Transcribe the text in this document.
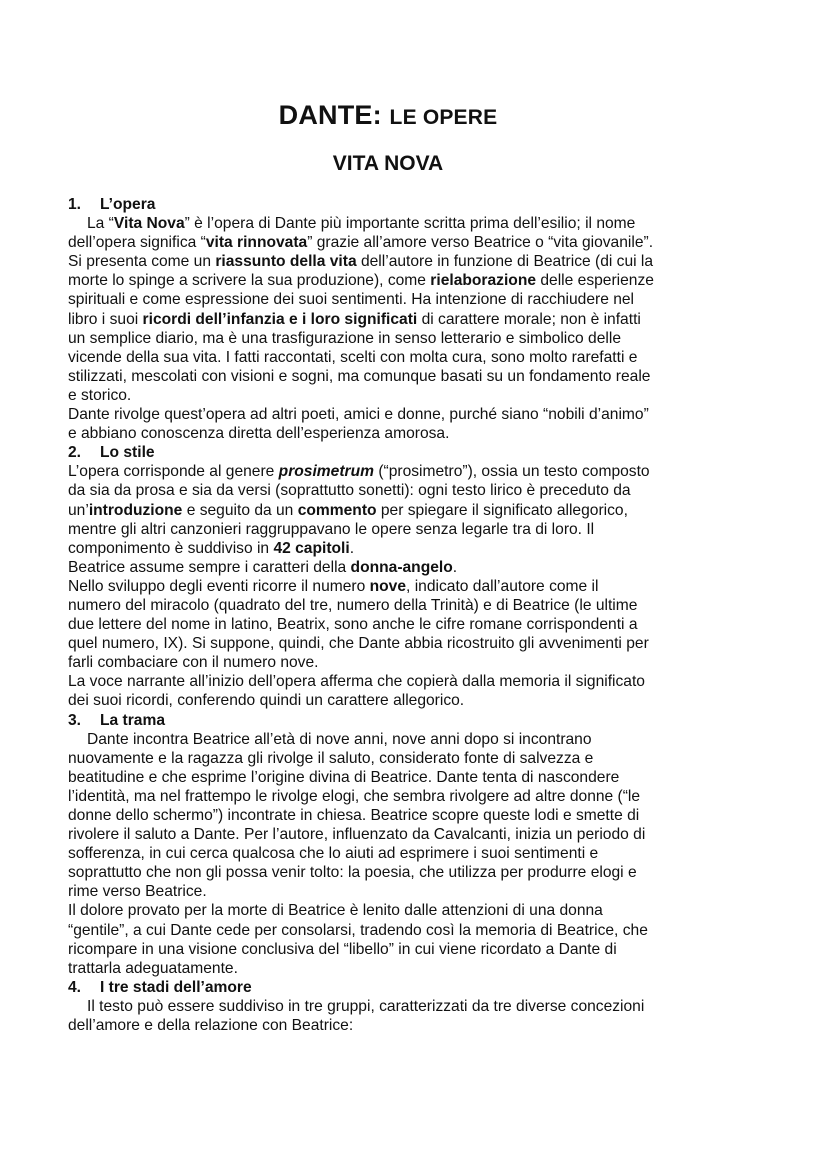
DANTE: LE OPERE
VITA NOVA
1. L’opera
La “Vita Nova” è l’opera di Dante più importante scritta prima dell’esilio; il nome
dell’opera significa “vita rinnovata” grazie all’amore verso Beatrice o “vita giovanile”.
Si presenta come un riassunto della vita dell’autore in funzione di Beatrice (di cui la
morte lo spinge a scrivere la sua produzione), come rielaborazione delle esperienze
spirituali e come espressione dei suoi sentimenti. Ha intenzione di racchiudere nel
libro i suoi ricordi dell’infanzia e i loro significati di carattere morale; non è infatti
un semplice diario, ma è una trasfigurazione in senso letterario e simbolico delle
vicende della sua vita. I fatti raccontati, scelti con molta cura, sono molto rarefatti e
stilizzati, mescolati con visioni e sogni, ma comunque basati su un fondamento reale
e storico.
Dante rivolge quest’opera ad altri poeti, amici e donne, purché siano “nobili d’animo”
e abbiano conoscenza diretta dell’esperienza amorosa.
2. Lo stile
L’opera corrisponde al genere prosimetrum (“prosimetro”), ossia un testo composto
da sia da prosa e sia da versi (soprattutto sonetti): ogni testo lirico è preceduto da
un’introduzione e seguito da un commento per spiegare il significato allegorico,
mentre gli altri canzonieri raggruppavano le opere senza legarle tra di loro. Il
componimento è suddiviso in 42 capitoli.
Beatrice assume sempre i caratteri della donna-angelo.
Nello sviluppo degli eventi ricorre il numero nove, indicato dall’autore come il
numero del miracolo (quadrato del tre, numero della Trinità) e di Beatrice (le ultime
due lettere del nome in latino, Beatrix, sono anche le cifre romane corrispondenti a
quel numero, IX). Si suppone, quindi, che Dante abbia ricostruito gli avvenimenti per
farli combaciare con il numero nove.
La voce narrante all’inizio dell’opera afferma che copierà dalla memoria il significato
dei suoi ricordi, conferendo quindi un carattere allegorico.
3. La trama
Dante incontra Beatrice all’età di nove anni, nove anni dopo si incontrano
nuovamente e la ragazza gli rivolge il saluto, considerato fonte di salvezza e
beatitudine e che esprime l’origine divina di Beatrice. Dante tenta di nascondere
l’identità, ma nel frattempo le rivolge elogi, che sembra rivolgere ad altre donne (“le
donne dello schermo”) incontrate in chiesa. Beatrice scopre queste lodi e smette di
rivolere il saluto a Dante. Per l’autore, influenzato da Cavalcanti, inizia un periodo di
sofferenza, in cui cerca qualcosa che lo aiuti ad esprimere i suoi sentimenti e
soprattutto che non gli possa venir tolto: la poesia, che utilizza per produrre elogi e
rime verso Beatrice.
Il dolore provato per la morte di Beatrice è lenito dalle attenzioni di una donna
“gentile”, a cui Dante cede per consolarsi, tradendo così la memoria di Beatrice, che
ricompare in una visione conclusiva del “libello” in cui viene ricordato a Dante di
trattarla adeguatamente.
4. I tre stadi dell’amore
Il testo può essere suddiviso in tre gruppi, caratterizzati da tre diverse concezioni
dell’amore e della relazione con Beatrice:
